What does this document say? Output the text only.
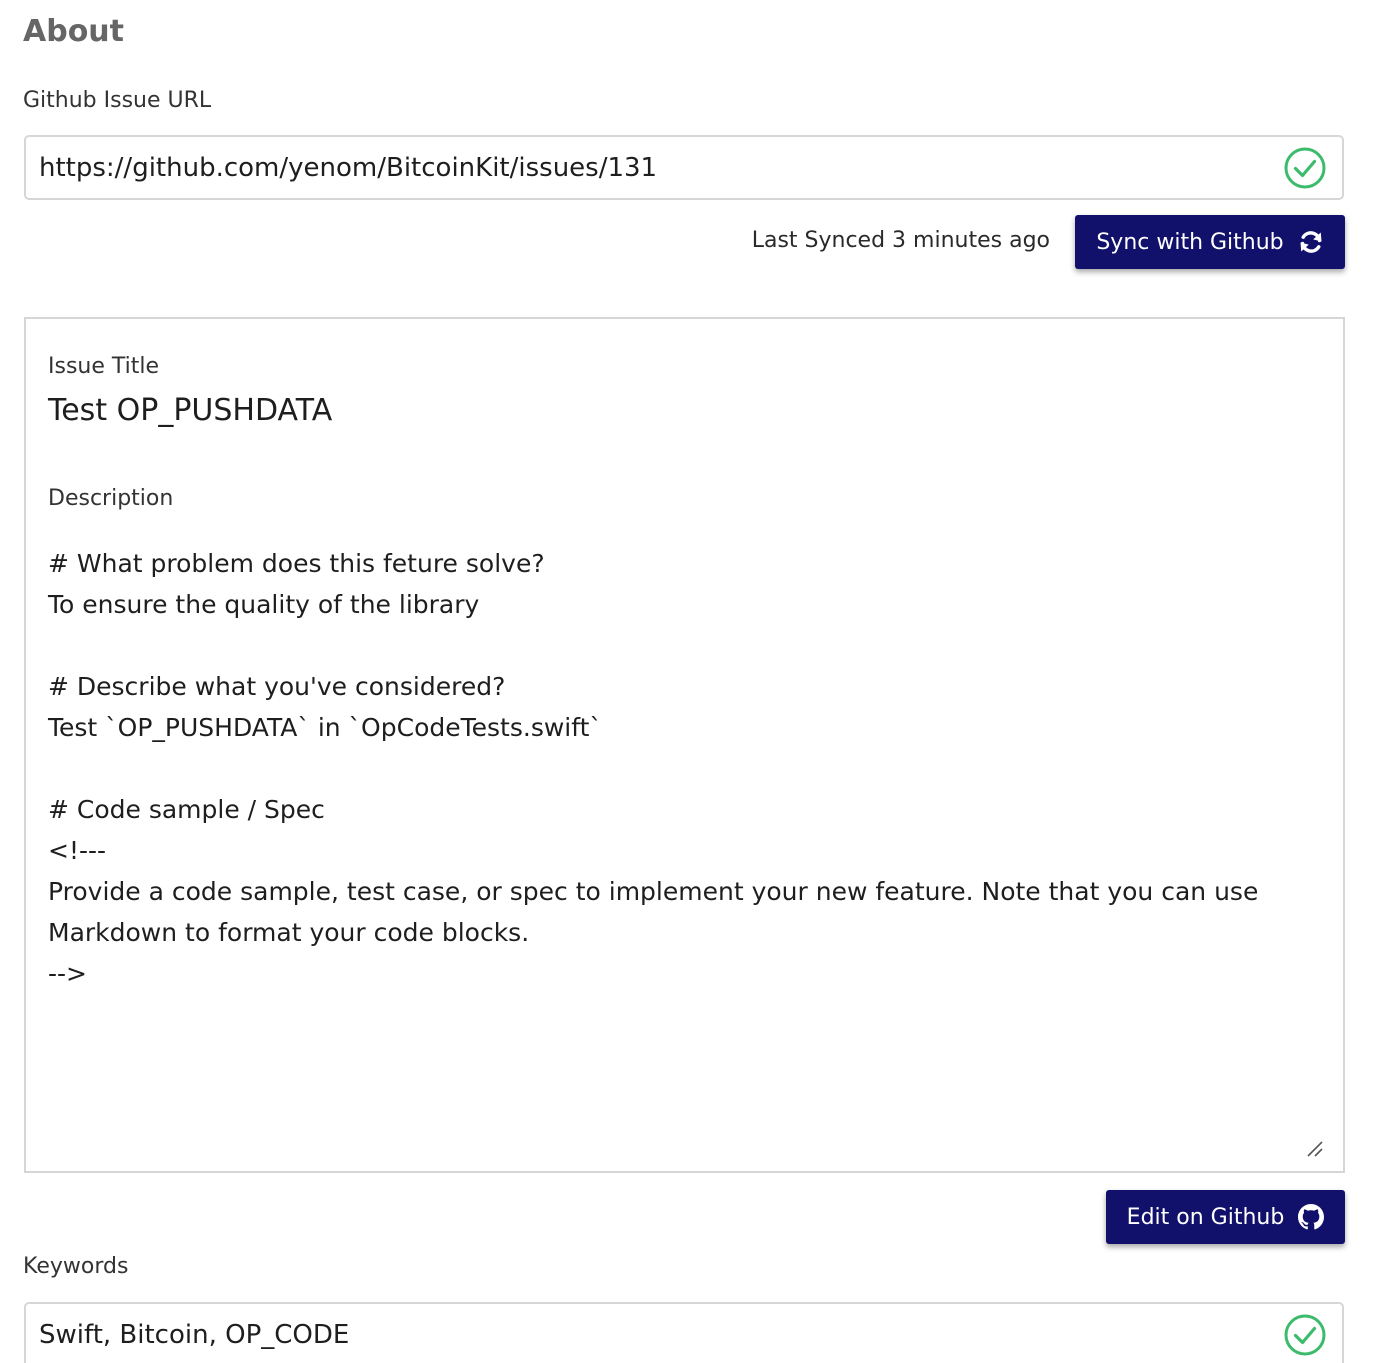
About
Github Issue URL
https://github.com/yenom/BitcoinKit/issues/131
Last Synced 3 minutes ago Sync with Github
Issue Title
Test OP_PUSHDATA
Description
# What problem does this feture solve?
To ensure the quality of the library
# Describe what you've considered?
Test `OP_PUSHDATA` in `OpCodeTests.swift`
# Code sample / Spec
<!---
Provide a code sample, test case, or spec to implement your new feature. Note that you can use
Markdown to format your code blocks.
-->
Edit on Github
Keywords
Swift, Bitcoin, OP_CODE
